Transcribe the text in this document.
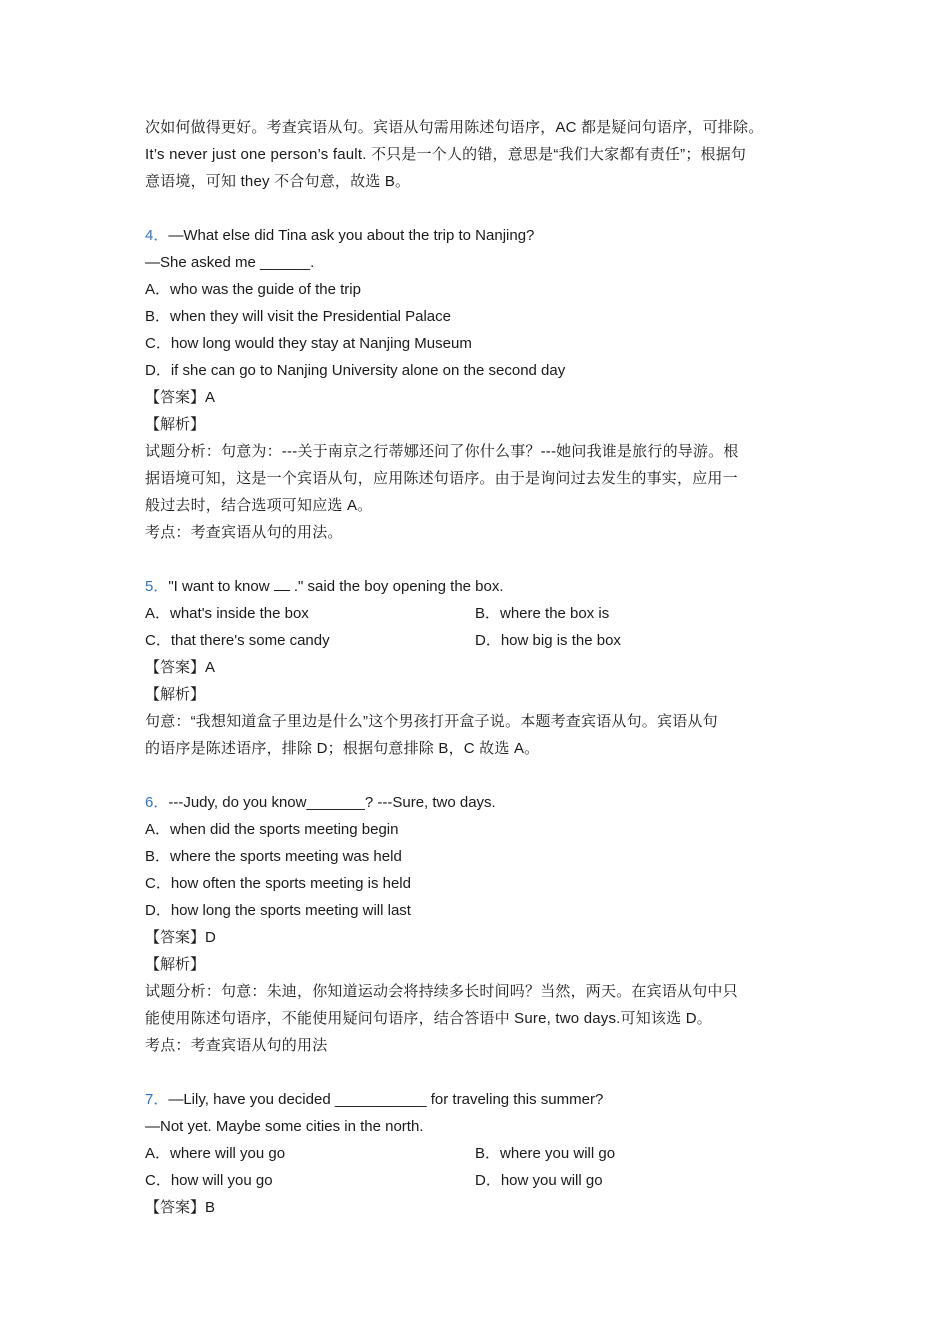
次如何做得更好。考查宾语从句。宾语从句需用陈述句语序，AC 都是疑问句语序，可排除。
It’s never just one person’s fault. 不只是一个人的错，意思是“我们大家都有责任”；根据句
意语境，可知 they 不合句意，故选 B。
4．—What else did Tina ask you about the trip to Nanjing?
—She asked me ______.
A．who was the guide of the trip
B．when they will visit the Presidential Palace
C．how long would they stay at Nanjing Museum
D．if she can go to Nanjing University alone on the second day
【答案】A
【解析】
试题分析：句意为：---关于南京之行蒂娜还问了你什么事？---她问我谁是旅行的导游。根
据语境可知，这是一个宾语从句，应用陈述句语序。由于是询问过去发生的事实，应用一
般过去时，结合选项可知应选 A。
考点：考查宾语从句的用法。
5．"I want to know  ." said the boy opening the box.
A．what's inside the box	B．where the box is
C．that there's some candy	D．how big is the box
【答案】A
【解析】
句意：“我想知道盒子里边是什么”这个男孩打开盒子说。本题考查宾语从句。宾语从句
的语序是陈述语序，排除 D；根据句意排除 B，C 故选 A。
6．---Judy, do you know_______? ---Sure, two days.
A．when did the sports meeting begin
B．where the sports meeting was held
C．how often the sports meeting is held
D．how long the sports meeting will last
【答案】D
【解析】
试题分析：句意：朱迪，你知道运动会将持续多长时间吗？当然，两天。在宾语从句中只
能使用陈述句语序，不能使用疑问句语序，结合答语中 Sure, two days.可知该选 D。
考点：考查宾语从句的用法
7．—Lily, have you decided ___________ for traveling this summer?
—Not yet. Maybe some cities in the north.
A．where will you go	B．where you will go
C．how will you go	D．how you will go
【答案】B
